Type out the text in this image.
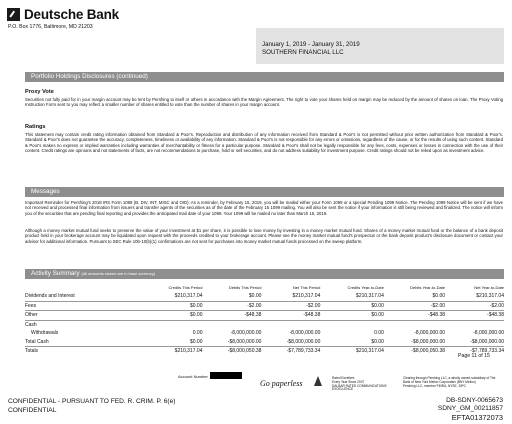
Deutsche Bank
P.O. Box 1776, Baltimore, MD 21203
January 1, 2019 - January 31, 2019
SOUTHERN FINANCIAL LLC
Portfolio Holdings Disclosures (continued)
Proxy Vote
Securities not fully paid for in your margin account may be lent by Pershing to itself or others in accordance with the Margin Agreement. The right to vote your shares held on margin may be reduced by the amount of shares on loan. The Proxy Voting Instruction Form sent to you may reflect a smaller number of shares entitled to vote than the number of shares in your margin account.
Ratings
This statement may contain credit rating information obtained from Standard & Poor's. Reproduction and distribution of any information received from Standard & Poor's is not permitted without prior written authorization from Standard & Poor's. Standard & Poor's does not guarantee the accuracy, completeness, timeliness or availability of any information. Standard & Poor's is not responsible for any errors or omissions, regardless of the cause, or for the results of using such content. Standard & Poor's makes no express or implied warranties including warranties of merchantability or fitness for a particular purpose. Standard & Poor's shall not be legally responsible for any fees, costs, expenses or losses in connection with the use of their content. Credit ratings are opinions and not statements of facts, are not recommendations to purchase, hold or sell securities, and do not address suitability for investment purpose. Credit ratings should not be relied upon as investment advice.
Messages
Important Reminder for Pershing's 2018 IRS Form 1099 (B, DIV, INT, MISC and OID): As a reminder, by February 15, 2019, you will be mailed either your Form 1099 or a special Pending 1099 Notice. The Pending 1099 Notice will be sent if we have not received and processed final information from issuers and transfer agents of the securities as of the date of the February 15 1099 mailing. You will also be sent the notice if your information is still being reviewed and finalized. The notice will inform you of the securities that are pending final reporting and provides the anticipated mail date of your 1099. Your 1099 will be mailed no later than March 15, 2019.
Although a money market mutual fund seeks to preserve the value of your investment at $1 per share, it is possible to lose money by investing in a money market mutual fund. Shares of a money market mutual fund or the balance of a bank deposit product held in your brokerage account may be liquidated upon request with the proceeds credited to your brokerage account. Please see the money market mutual fund's prospectus or the bank deposit product's disclosure document or contact your advisor for additional information. Pursuant to SEC Rule 10b-10(b)(1) confirmations are not sent for purchases into money market mutual funds processed on the sweep platform.
Activity Summary (All amounts shown are in base currency)
	Credits This Period	Debits This Period	Net This Period	Credits Year-to-Date	Debits Year-to-Date	Net Year-to-Date
Dividends and Interest	$210,317.04	$0.00	$210,317.04	$210,317.04	$0.00	$210,317.04
Fees	$0.00	-$2.00	-$2.00	$0.00	-$2.00	-$2.00
Other	$0.00	-$48.38	-$48.38	$0.00	-$48.38	-$48.38
Cash						
Withdrawals	0.00	-8,000,000.00	-8,000,000.00	0.00	-8,000,000.00	-8,000,000.00
Total Cash	$0.00	-$8,000,000.00	-$8,000,000.00	$0.00	-$8,000,000.00	-$8,000,000.00
Totals	$210,317.04	-$8,000,050.38	-$7,789,733.34	$210,317.04	-$8,000,050.38	-$7,789,733.34
Page 11 of 15
Account Number
Go paperless
Rated Excellent
Every Year Since 2007
DALBAR RATED COMMUNICATIONS EXCELLENCE
Clearing through Pershing LLC, a wholly owned subsidiary of The Bank of New York Mellon Corporation (BNY Mellon)
Pershing LLC, member FINRA, NYSE, SIPC
CONFIDENTIAL - PURSUANT TO FED. R. CRIM. P. 6(e)
CONFIDENTIAL
DB-SDNY-0065673
SDNY_GM_00211857
EFTA01372073
